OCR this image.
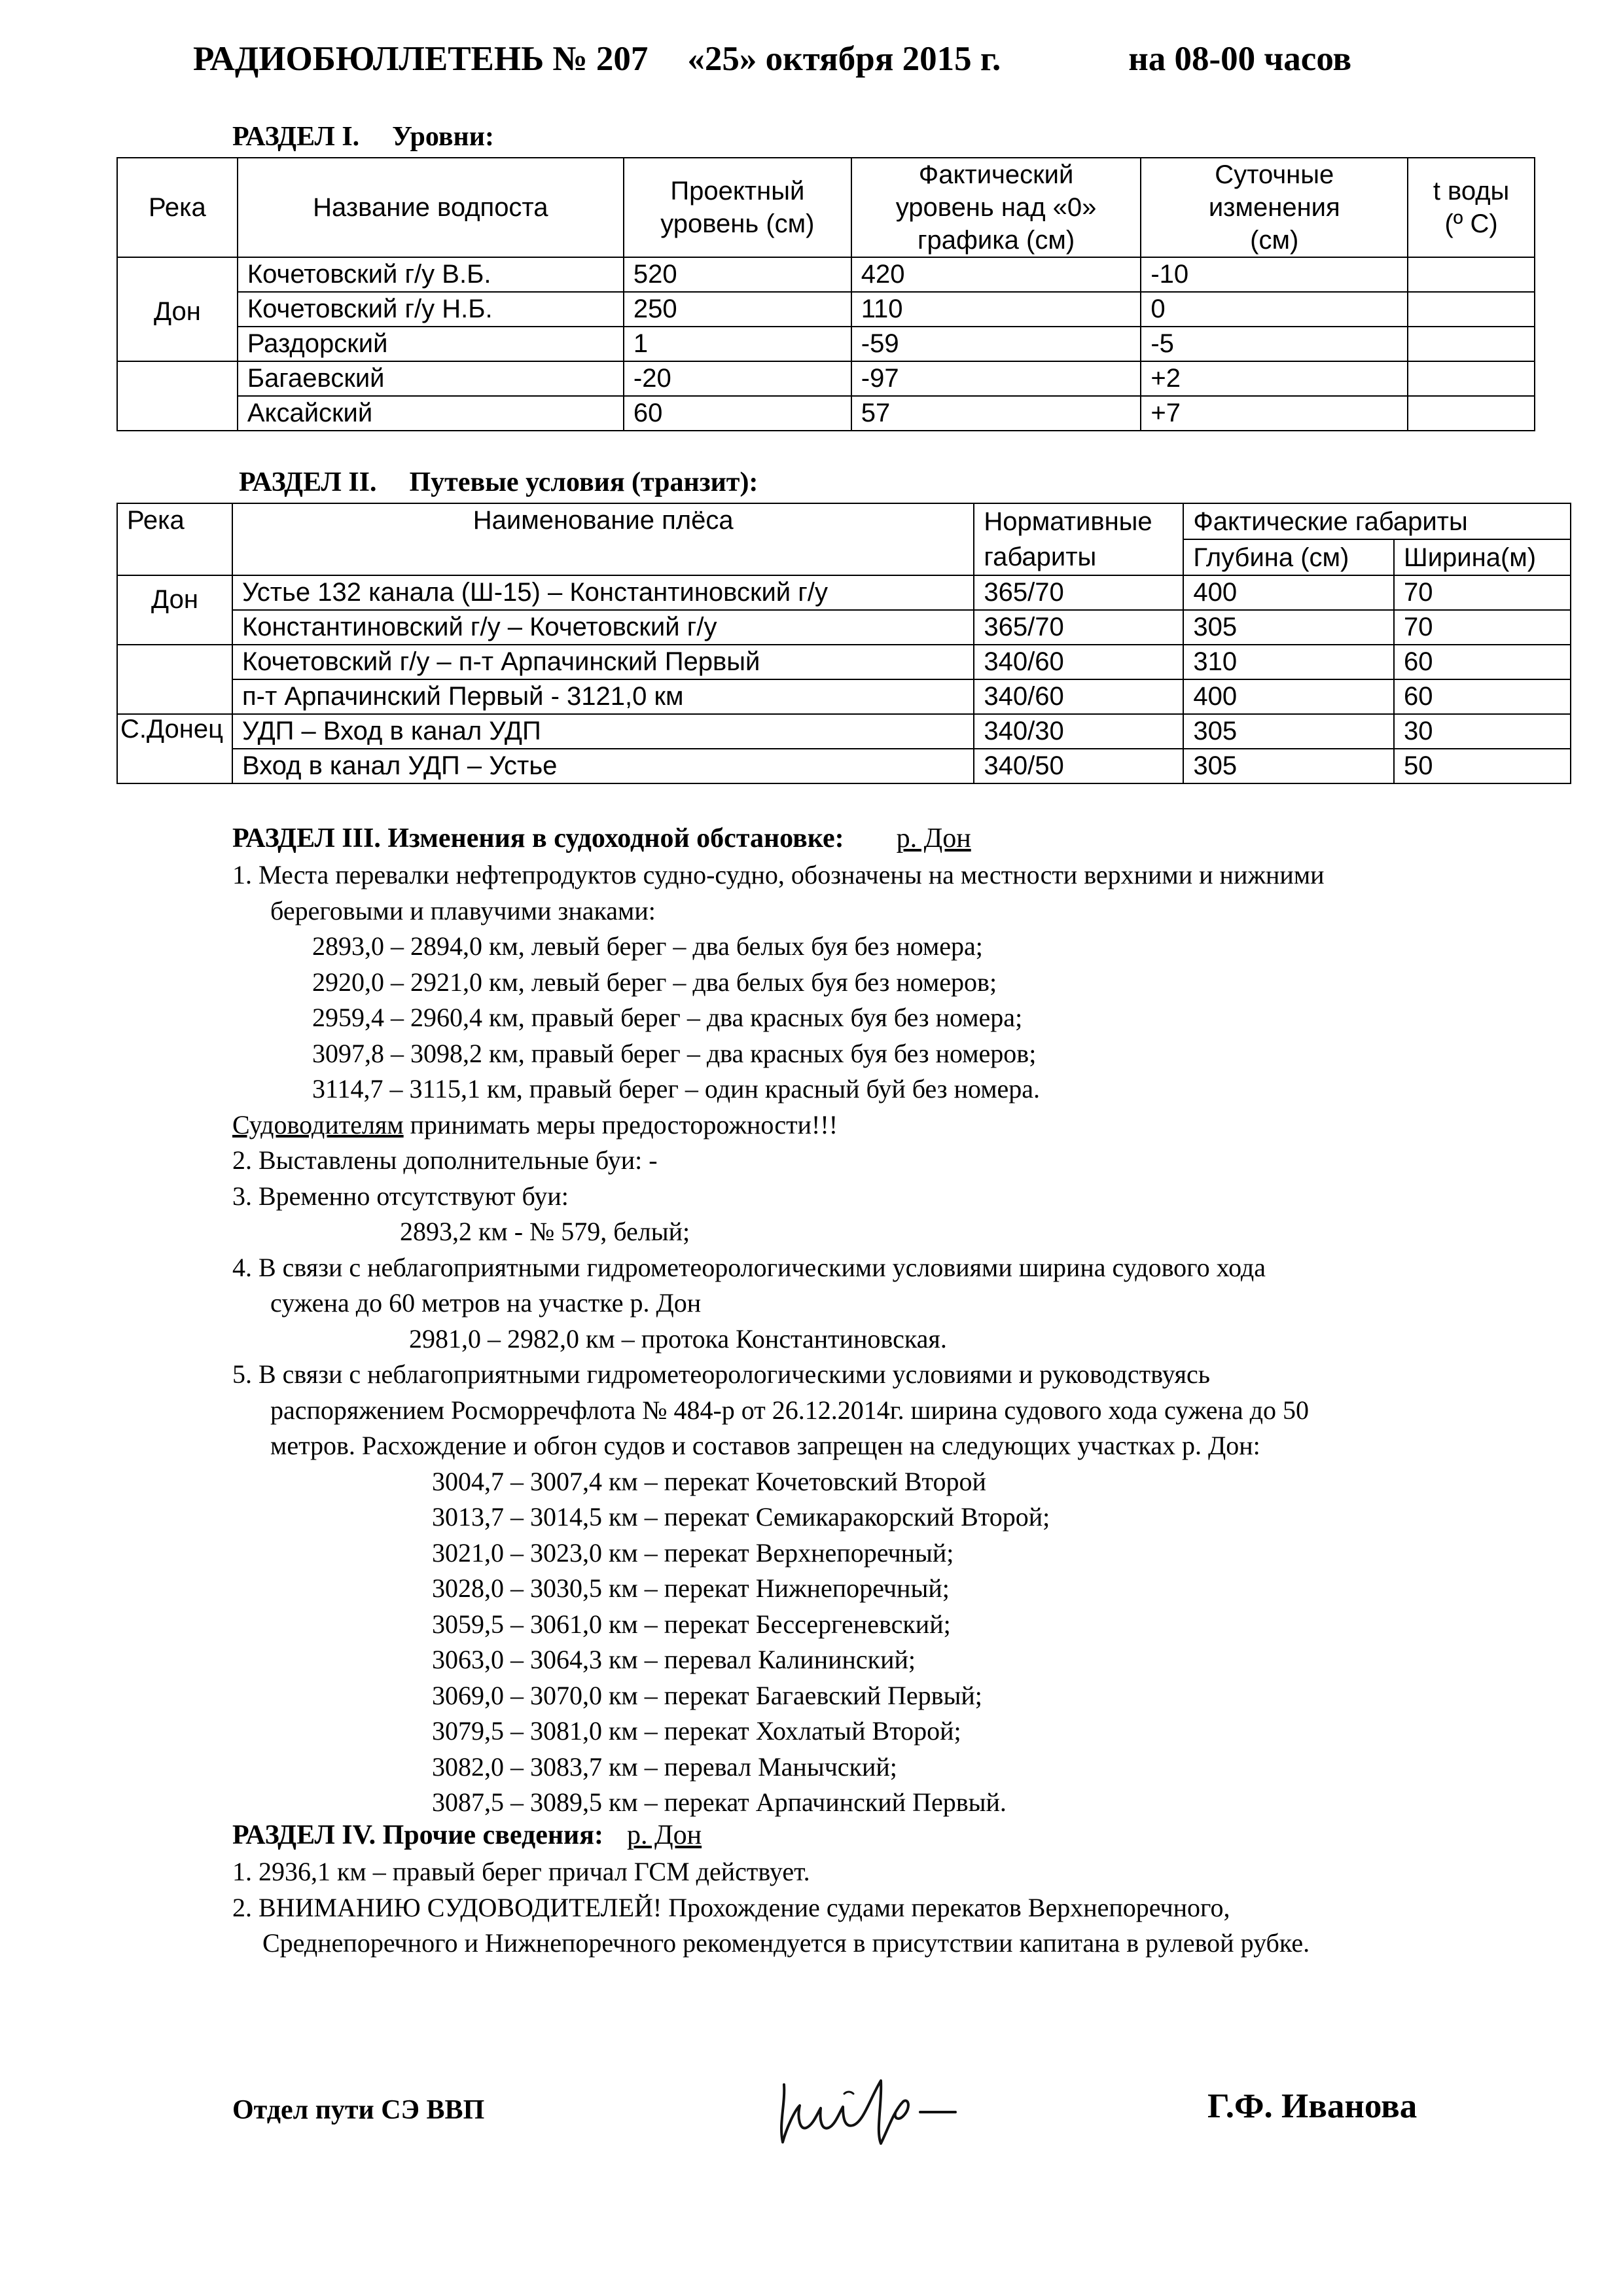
РАДИОБЮЛЛЕТЕНЬ № 207 «25» октября 2015 г.	на 08-00 часов
РАЗДЕЛ I. Уровни:
Река	Название водпоста	Проектный уровень (см)	Фактический уровень над «0» графика (см)	Суточные изменения (см)	t воды (º С)
Дон	Кочетовский г/у В.Б.	520	420	-10	
	Кочетовский г/у Н.Б.	250	110	0	
	Раздорский	1	-59	-5	
	Багаевский	-20	-97	+2	
	Аксайский	60	57	+7	
РАЗДЕЛ II. Путевые условия (транзит):
Река	Наименование плёса	Нормативные габариты	Фактические габариты	
			Глубина (см)	Ширина(м)
Дон	Устье 132 канала (Ш-15) – Константиновский г/у	365/70	400	70
	Константиновский г/у – Кочетовский г/у	365/70	305	70
	Кочетовский г/у – п-т Арпачинский Первый	340/60	310	60
	п-т Арпачинский Первый - 3121,0 км	340/60	400	60
С.Донец	УДП – Вход в канал УДП	340/30	305	30
	Вход в канал УДП – Устье	340/50	305	50
РАЗДЕЛ III. Изменения в судоходной обстановке: р. Дон
1. Места перевалки нефтепродуктов судно-судно, обозначены на местности верхними и нижними
береговыми и плавучими знаками:
2893,0 – 2894,0 км, левый берег – два белых буя без номера;
2920,0 – 2921,0 км, левый берег – два белых буя без номеров;
2959,4 – 2960,4 км, правый берег – два красных буя без номера;
3097,8 – 3098,2 км, правый берег – два красных буя без номеров;
3114,7 – 3115,1 км, правый берег – один красный буй без номера.
Судоводителям принимать меры предосторожности!!!
2. Выставлены дополнительные буи: -
3. Временно отсутствуют буи:
2893,2 км - № 579, белый;
4. В связи с неблагоприятными гидрометеорологическими условиями ширина судового хода
сужена до 60 метров на участке р. Дон
2981,0 – 2982,0 км – протока Константиновская.
5. В связи с неблагоприятными гидрометеорологическими условиями и руководствуясь
распоряжением Росморречфлота № 484-р от 26.12.2014г. ширина судового хода сужена до 50
метров. Расхождение и обгон судов и составов запрещен на следующих участках р. Дон:
3004,7 – 3007,4 км – перекат Кочетовский Второй
3013,7 – 3014,5 км – перекат Семикаракорский Второй;
3021,0 – 3023,0 км – перекат Верхнепоречный;
3028,0 – 3030,5 км – перекат Нижнепоречный;
3059,5 – 3061,0 км – перекат Бессергеневский;
3063,0 – 3064,3 км – перевал Калининский;
3069,0 – 3070,0 км – перекат Багаевский Первый;
3079,5 – 3081,0 км – перекат Хохлатый Второй;
3082,0 – 3083,7 км – перевал Манычский;
3087,5 – 3089,5 км – перекат Арпачинский Первый.
РАЗДЕЛ IV. Прочие сведения: р. Дон
1. 2936,1 км – правый берег причал ГСМ действует.
2. ВНИМАНИЮ СУДОВОДИТЕЛЕЙ! Прохождение судами перекатов Верхнепоречного,
Среднепоречного и Нижнепоречного рекомендуется в присутствии капитана в рулевой рубке.
Отдел пути СЭ ВВП	Г.Ф. Иванова
